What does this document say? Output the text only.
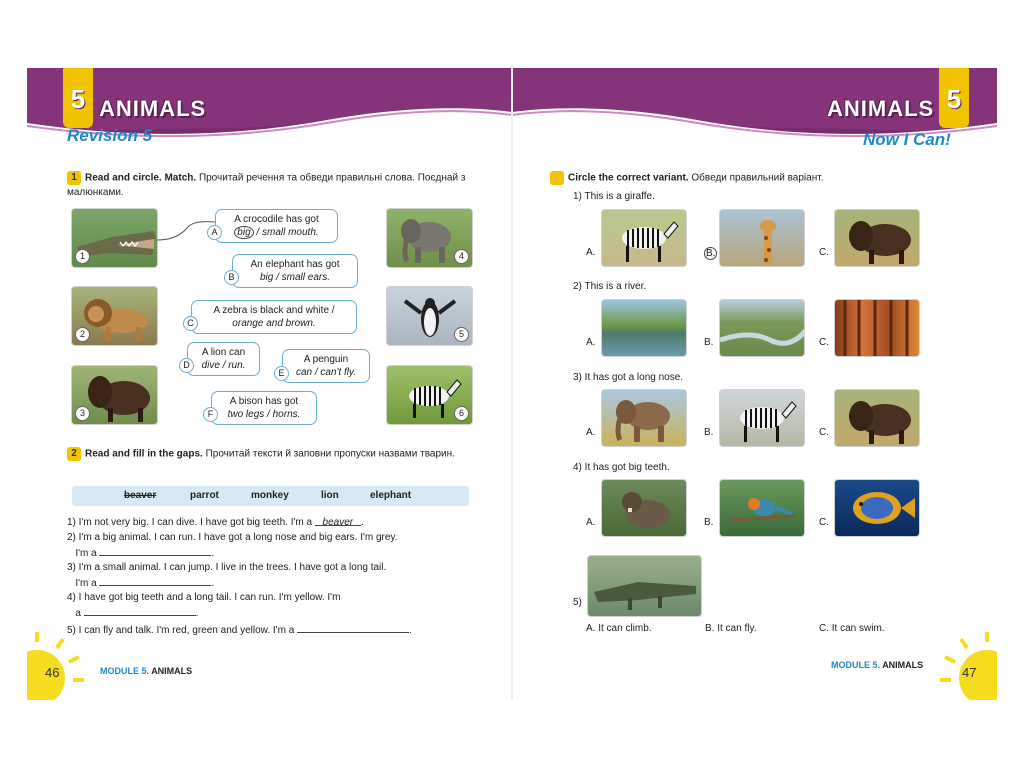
5 ANIMALS	ANIMALS 5
Revision 5	Now I Can!
1 Read and circle. Match. Прочитай речення та обведи правильні слова. Поєднай з малюнками.
1
2
3
4
5
6
A crocodile has got
big / small mouth.
A
An elephant has got
big / small ears.
B
A zebra is black and white /
orange and brown.
C
A lion can
dive / run.
D	A penguin
can / can't fly.
E
A bison has got
two legs / horns.
F
2 Read and fill in the gaps. Прочитай тексти й заповни пропуски назвами тварин.
beaver	parrot	monkey	lion	elephant
1) I'm not very big. I can dive. I have got big teeth. I'm a beaver .
2) I'm a big animal. I can run. I have got a long nose and big ears. I'm grey.
I'm a	.
3) I'm a small animal. I can jump. I live in the trees. I have got a long tail.
I'm a	.
4) I have got big teeth and a long tail. I can run. I'm yellow. I'm
a	.
5) I can fly and talk. I'm red, green and yellow. I'm a	.
46	MODULE 5. ANIMALS
Circle the correct variant. Обведи правильний варіант.
1) This is a giraffe.
A.	B.	C.
2) This is a river.
A.	B.	C.
3) It has got a long nose.
A.	B.	C.
4) It has got big teeth.
A.	B.	C.
5)
A. It can climb.	B. It can fly.	C. It can swim.
47
MODULE 5. ANIMALS
